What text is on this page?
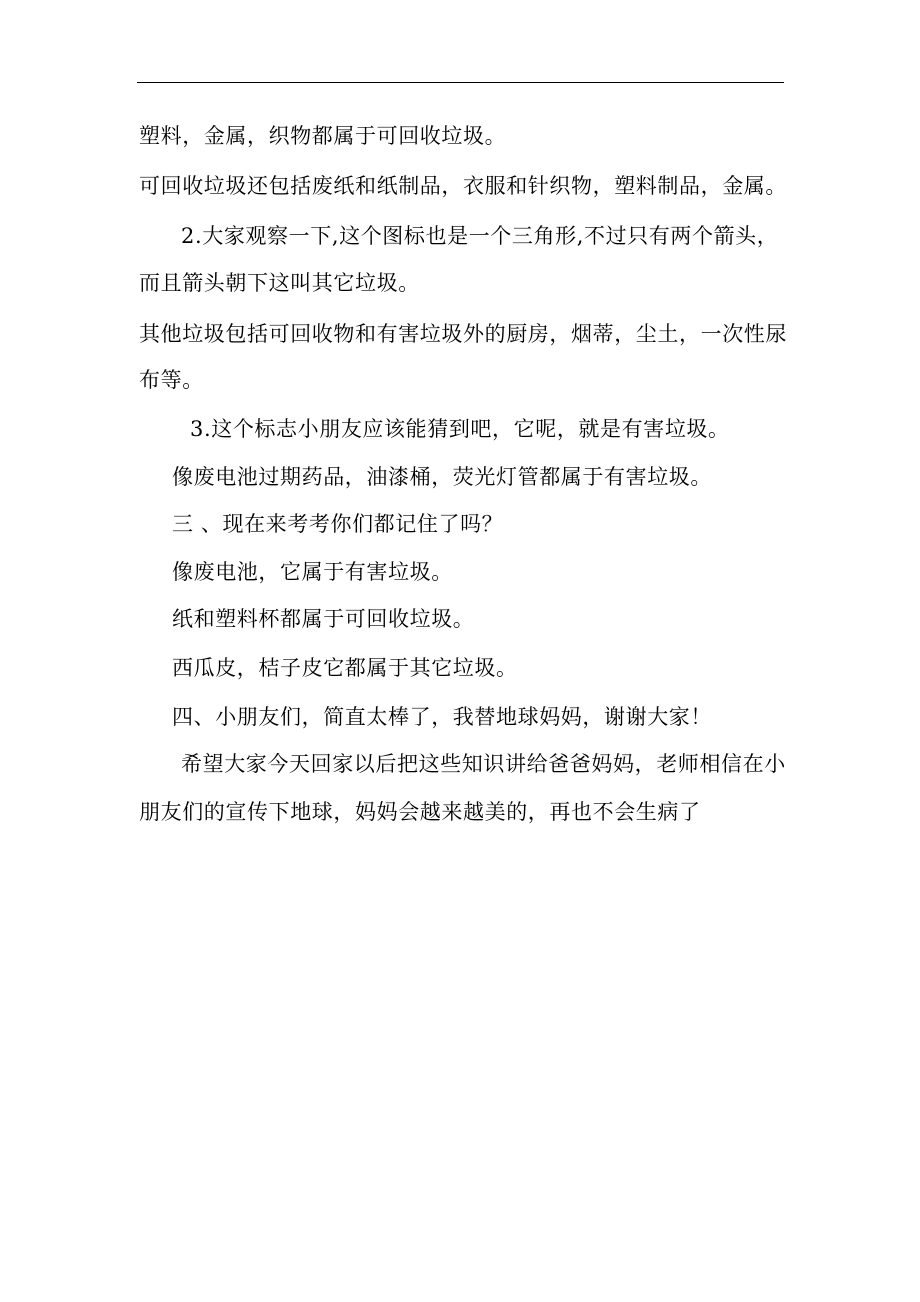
塑料，金属，织物都属于可回收垃圾。
可回收垃圾还包括废纸和纸制品，衣服和针织物，塑料制品，金属。
2.大家观察一下,这个图标也是一个三角形,不过只有两个箭头，
而且箭头朝下这叫其它垃圾。
其他垃圾包括可回收物和有害垃圾外的厨房，烟蒂，尘土，一次性尿
布等。
3.这个标志小朋友应该能猜到吧，它呢，就是有害垃圾。
像废电池过期药品，油漆桶，荧光灯管都属于有害垃圾。
三 、现在来考考你们都记住了吗？
像废电池，它属于有害垃圾。
纸和塑料杯都属于可回收垃圾。
西瓜皮，桔子皮它都属于其它垃圾。
四、小朋友们，简直太棒了，我替地球妈妈，谢谢大家！
希望大家今天回家以后把这些知识讲给爸爸妈妈，老师相信在小
朋友们的宣传下地球，妈妈会越来越美的，再也不会生病了
